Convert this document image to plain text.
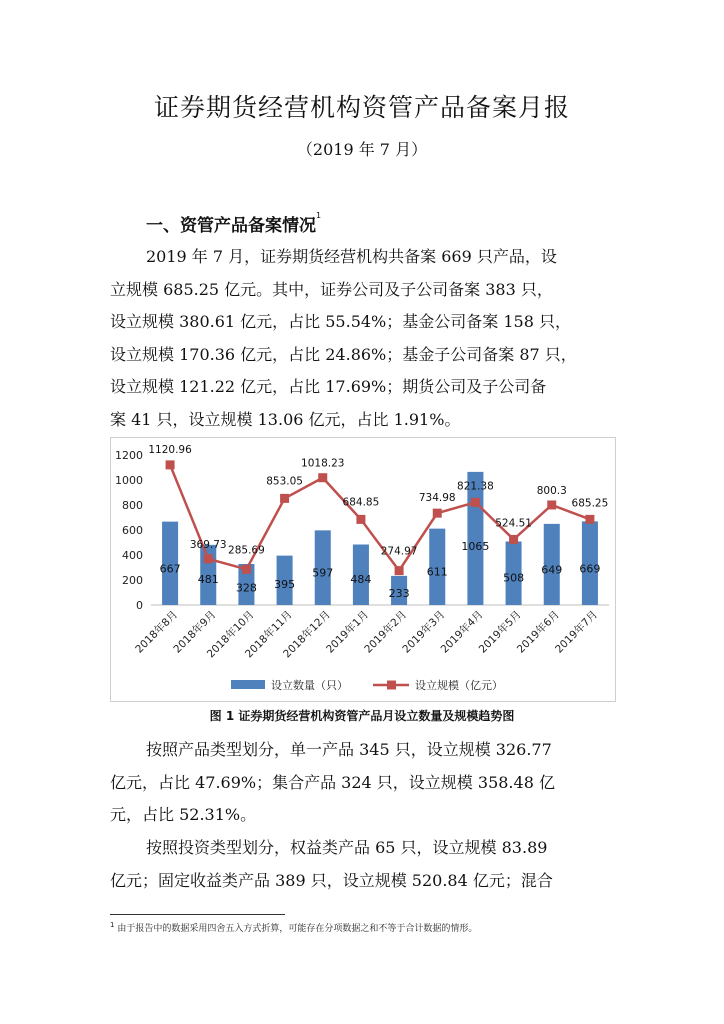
证券期货经营机构资管产品备案月报
（2019 年 7 月）
一、资管产品备案情况$^1$
2019 年 7 月，证券期货经营机构共备案 669 只产品，设
立规模 685.25 亿元。其中，证券公司及子公司备案 383 只，
设立规模 380.61 亿元，占比 55.54%；基金公司备案 158 只，
设立规模 170.36 亿元，占比 24.86%；基金子公司备案 87 只，
设立规模 121.22 亿元，占比 17.69%；期货公司及子公司备
案 41 只，设立规模 13.06 亿元，占比 1.91%。
0
200
400
600
800
1000
1200
667
481
328 395
597 484
233
611
1065
508
649 669
1120.96
369.73 285.69
853.05
1018.23
684.85
274.97
734.98
821.38
524.51
800.3
685.25
2018年8月
2018年9月
2018年10月
2018年11月
2018年12月
2019年1月
2019年2月
2019年3月
2019年4月
2019年5月
2019年6月
2019年7月
设立数量（只）	设立规模（亿元）
图 1 证券期货经营机构资管产品月设立数量及规模趋势图
按照产品类型划分，单一产品 345 只，设立规模 326.77
亿元，占比 47.69%；集合产品 324 只，设立规模 358.48 亿
元，占比 52.31%。
按照投资类型划分，权益类产品 65 只，设立规模 83.89
亿元；固定收益类产品 389 只，设立规模 520.84 亿元；混合
$^1$ 由于报告中的数据采用四舍五入方式折算，可能存在分项数据之和不等于合计数据的情形。
